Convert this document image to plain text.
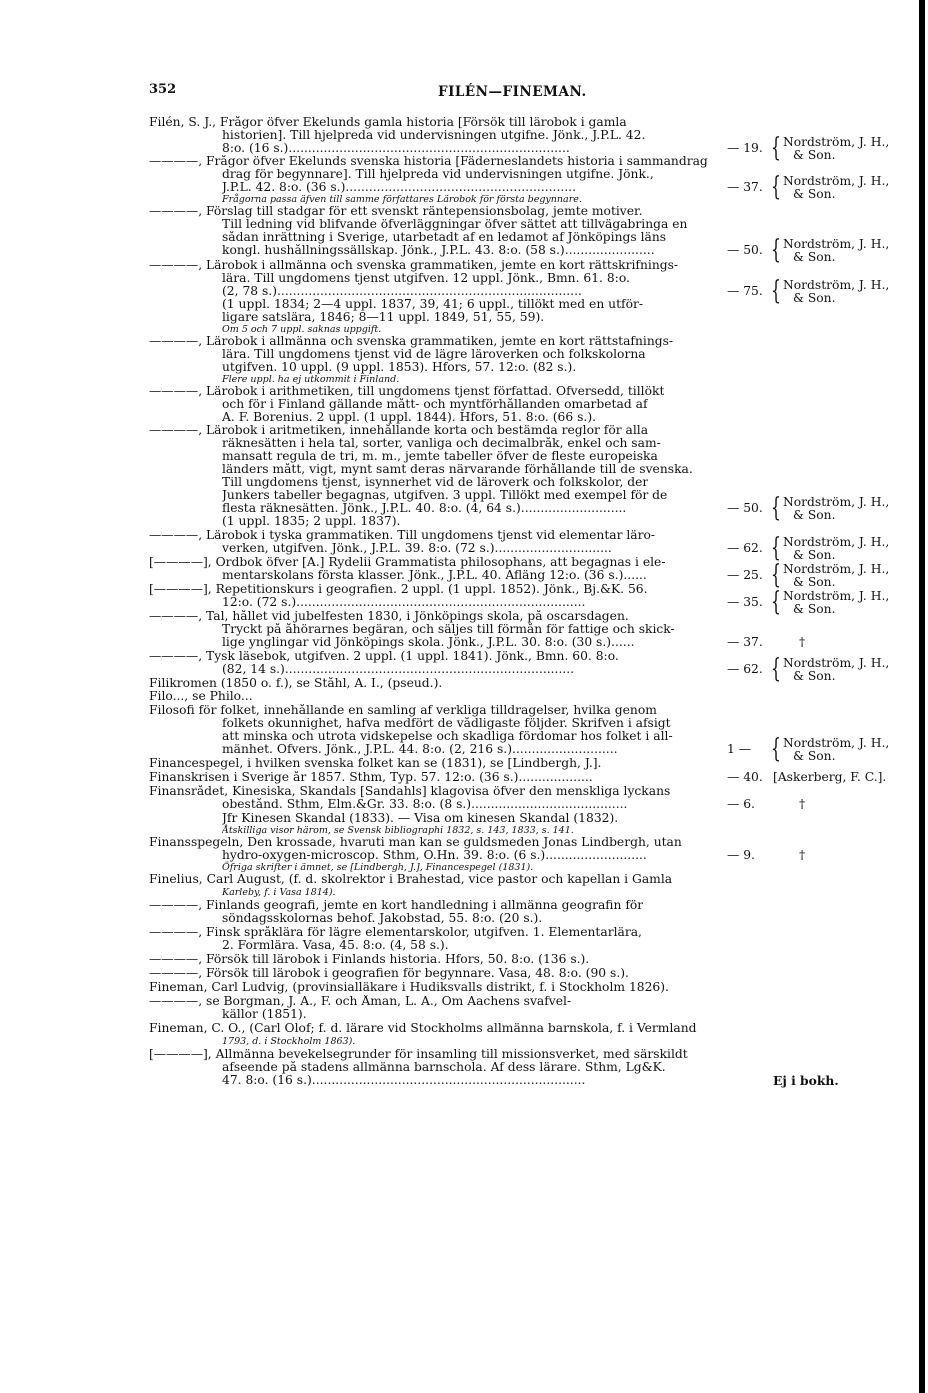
352	FILÉN—FINEMAN.
Filén, S. J., Frågor öfver Ekelunds gamla historia [Försök till lärobok i gamla
historien]. Till hjelpreda vid undervisningen utgifne. Jönk., J.P.L. 42.
8:o. (16 s.)........................................................................
————, Frågor öfver Ekelunds svenska historia [Fäderneslandets historia i sammandrag
drag för begynnare]. Till hjelpreda vid undervisningen utgifne. Jönk.,
J.P.L. 42. 8:o. (36 s.)...........................................................
Frågorna passa äfven till samme författares Lärobok för första begynnare.
————, Förslag till stadgar för ett svenskt räntepensionsbolag, jemte motiver.
Till ledning vid blifvande öfverläggningar öfver sättet att tillvägabringa en
sådan inrättning i Sverige, utarbetadt af en ledamot af Jönköpings läns
kongl. hushållningssällskap. Jönk., J.P.L. 43. 8:o. (58 s.).......................
————, Lärobok i allmänna och svenska grammatiken, jemte en kort rättskrifnings-
lära. Till ungdomens tjenst utgifven. 12 uppl. Jönk., Bmn. 61. 8:o.
(2, 78 s.)..............................................................................
(1 uppl. 1834; 2—4 uppl. 1837, 39, 41; 6 uppl., tillökt med en utför-
ligare satslära, 1846; 8—11 uppl. 1849, 51, 55, 59).
Om 5 och 7 uppl. saknas uppgift.
————, Lärobok i allmänna och svenska grammatiken, jemte en kort rättstafnings-
lära. Till ungdomens tjenst vid de lägre läroverken och folkskolorna
utgifven. 10 uppl. (9 uppl. 1853). Hfors, 57. 12:o. (82 s.).
Flere uppl. ha ej utkommit i Finland.
————, Lärobok i arithmetiken, till ungdomens tjenst författad. Öfversedd, tillökt
och för i Finland gällande mått- och myntförhållanden omarbetad af
A. F. Borenius. 2 uppl. (1 uppl. 1844). Hfors, 51. 8:o. (66 s.).
————, Lärobok i aritmetiken, innehållande korta och bestämda reglor för alla
räknesätten i hela tal, sorter, vanliga och decimalbråk, enkel och sam-
mansatt regula de tri, m. m., jemte tabeller öfver de fleste europeiska
länders mått, vigt, mynt samt deras närvarande förhållande till de svenska.
Till ungdomens tjenst, isynnerhet vid de läroverk och folkskolor, der
Junkers tabeller begagnas, utgifven. 3 uppl. Tillökt med exempel för de
flesta räknesätten. Jönk., J.P.L. 40. 8:o. (4, 64 s.)...........................
(1 uppl. 1835; 2 uppl. 1837).
————, Lärobok i tyska grammatiken. Till ungdomens tjenst vid elementar läro-
verken, utgifven. Jönk., J.P.L. 39. 8:o. (72 s.)..............................
[————], Ordbok öfver [A.] Rydelii Grammatista philosophans, att begagnas i ele-
mentarskolans första klasser. Jönk., J.P.L. 40. Afläng 12:o. (36 s.)......
[————], Repetitionskurs i geografien. 2 uppl. (1 uppl. 1852). Jönk., Bj.&K. 56.
12:o. (72 s.)..........................................................................
————, Tal, hållet vid jubelfesten 1830, i Jönköpings skola, på oscarsdagen.
Tryckt på åhörarnes begäran, och säljes till förmån för fattige och skick-
lige ynglingar vid Jönköpings skola. Jönk., J.P.L. 30. 8:o. (30 s.)......
————, Tysk läsebok, utgifven. 2 uppl. (1 uppl. 1841). Jönk., Bmn. 60. 8:o.
(82, 14 s.)..........................................................................
Filikromen (1850 o. f.), se Ståhl, A. I., (pseud.).
Filo..., se Philo...
Filosofi för folket, innehållande en samling af verkliga tilldragelser, hvilka genom
folkets okunnighet, hafva medfört de vådligaste följder. Skrifven i afsigt
att minska och utrota vidskepelse och skadliga fördomar hos folket i all-
mänhet. Öfvers. Jönk., J.P.L. 44. 8:o. (2, 216 s.)...........................
Financespegel, i hvilken svenska folket kan se (1831), se [Lindbergh, J.].
Finanskrisen i Sverige år 1857. Sthm, Typ. 57. 12:o. (36 s.)...................
Finansrådet, Kinesiska, Skandals [Sandahls] klagovisa öfver den menskliga lyckans
obestånd. Sthm, Elm.&Gr. 33. 8:o. (8 s.)........................................
Jfr Kinesen Skandal (1833). — Visa om kinesen Skandal (1832).
Åtskilliga visor härom, se Svensk bibliographi 1832, s. 143, 1833, s. 141.
Finansspegeln, Den krossade, hvaruti man kan se guldsmeden Jonas Lindbergh, utan
hydro-oxygen-microscop. Sthm, O.Hn. 39. 8:o. (6 s.)..........................
Öfriga skrifter i ämnet, se [Lindbergh, J.], Financespegel (1831).
Finelius, Carl August, (f. d. skolrektor i Brahestad, vice pastor och kapellan i Gamla
Karleby, f. i Vasa 1814).
————, Finlands geografi, jemte en kort handledning i allmänna geografin för
söndagsskolornas behof. Jakobstad, 55. 8:o. (20 s.).
————, Finsk språklära för lägre elementarskolor, utgifven. 1. Elementarlära,
2. Formlära. Vasa, 45. 8:o. (4, 58 s.).
————, Försök till lärobok i Finlands historia. Hfors, 50. 8:o. (136 s.).
————, Försök till lärobok i geografien för begynnare. Vasa, 48. 8:o. (90 s.).
Fineman, Carl Ludvig, (provinsialläkare i Hudiksvalls distrikt, f. i Stockholm 1826).
————, se Borgman, J. A., F. och Åman, L. A., Om Aachens svafvel-
källor (1851).
Fineman, C. O., (Carl Olof; f. d. lärare vid Stockholms allmänna barnskola, f. i Vermland
1793, d. i Stockholm 1863).
[————], Allmänna bevekelsegrunder för insamling till missionsverket, med särskildt
afseende på stadens allmänna barnschola. Af dess lärare. Sthm, Lg&K.
47. 8:o. (16 s.)......................................................................
— 19.
— 37.
— 50.
— 75.
— 50.
— 62.
— 25.
— 35.
— 37.
— 62.
1 —
— 40.
— 6.
— 9.
{ Nordström, J. H.,
& Son.
{ Nordström, J. H.,
& Son.
{ Nordström, J. H.,
& Son.
{ Nordström, J. H.,
& Son.
{ Nordström, J. H.,
& Son.
{ Nordström, J. H.,
& Son.
{ Nordström, J. H.,
& Son.
{ Nordström, J. H.,
& Son.
{ Nordström, J. H.,
& Son.
{ Nordström, J. H.,
& Son.
†
[Askerberg, F. C.].
†
†
Ej i bokh.
